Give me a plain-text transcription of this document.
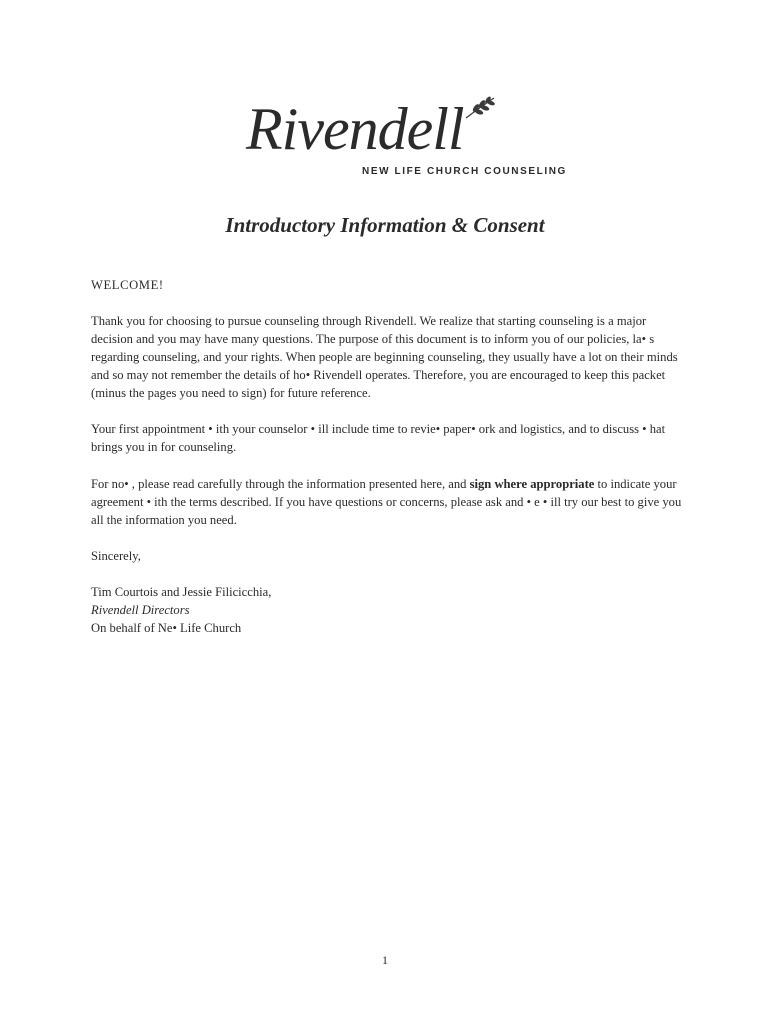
Rivendell
NEW LIFE CHURCH COUNSELING
Introductory Information & Consent

WELCOME!

Thank you for choosing to pursue counseling through Rivendell. We realize that starting counseling is a major decision and you may have many questions. The purpose of this document is to inform you of our policies, la• s regarding counseling, and your rights. When people are beginning counseling, they usually have a lot on their minds and so may not remember the details of ho• Rivendell operates. Therefore, you are encouraged to keep this packet (minus the pages you need to sign) for future reference.

Your first appointment • ith your counselor • ill include time to revie• paper• ork and logistics, and to discuss • hat brings you in for counseling.

For no• , please read carefully through the information presented here, and sign where appropriate to indicate your agreement • ith the terms described. If you have questions or concerns, please ask and • e • ill try our best to give you all the information you need.

Sincerely,

Tim Courtois and Jessie Filicicchia,
Rivendell Directors
On behalf of Ne• Life Church
1
